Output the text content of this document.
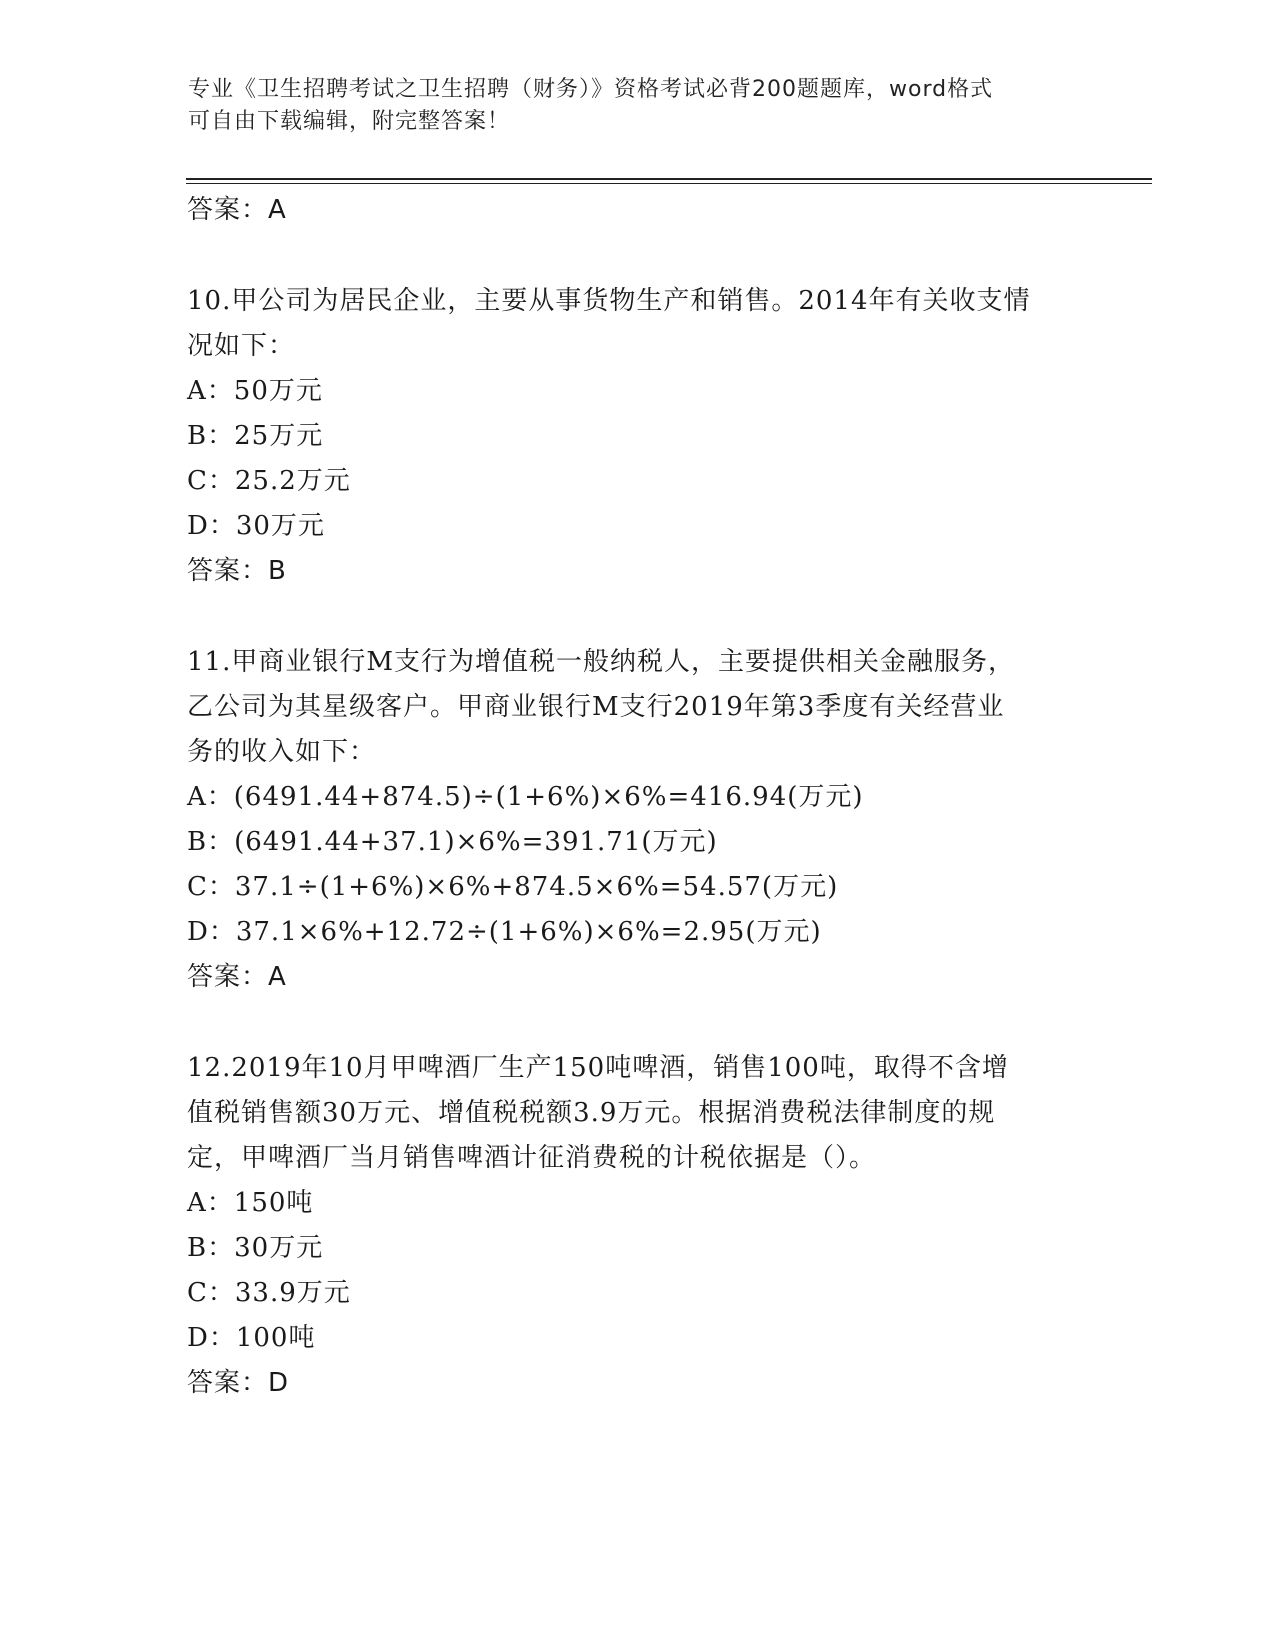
专业《卫生招聘考试之卫生招聘（财务）》资格考试必背200题题库，word格式
可自由下载编辑，附完整答案！
答案：A
10.甲公司为居民企业，主要从事货物生产和销售。2014年有关收支情
况如下：
A：50万元
B：25万元
C：25.2万元
D：30万元
答案：B
11.甲商业银行M支行为增值税一般纳税人，主要提供相关金融服务，
乙公司为其星级客户。甲商业银行M支行2019年第3季度有关经营业
务的收入如下：
A：(6491.44+874.5)÷(1+6%)×6%=416.94(万元)
B：(6491.44+37.1)×6%=391.71(万元)
C：37.1÷(1+6%)×6%+874.5×6%=54.57(万元)
D：37.1×6%+12.72÷(1+6%)×6%=2.95(万元)
答案：A
12.2019年10月甲啤酒厂生产150吨啤酒，销售100吨，取得不含增
值税销售额30万元、增值税税额3.9万元。根据消费税法律制度的规
定，甲啤酒厂当月销售啤酒计征消费税的计税依据是（）。
A：150吨
B：30万元
C：33.9万元
D：100吨
答案：D
